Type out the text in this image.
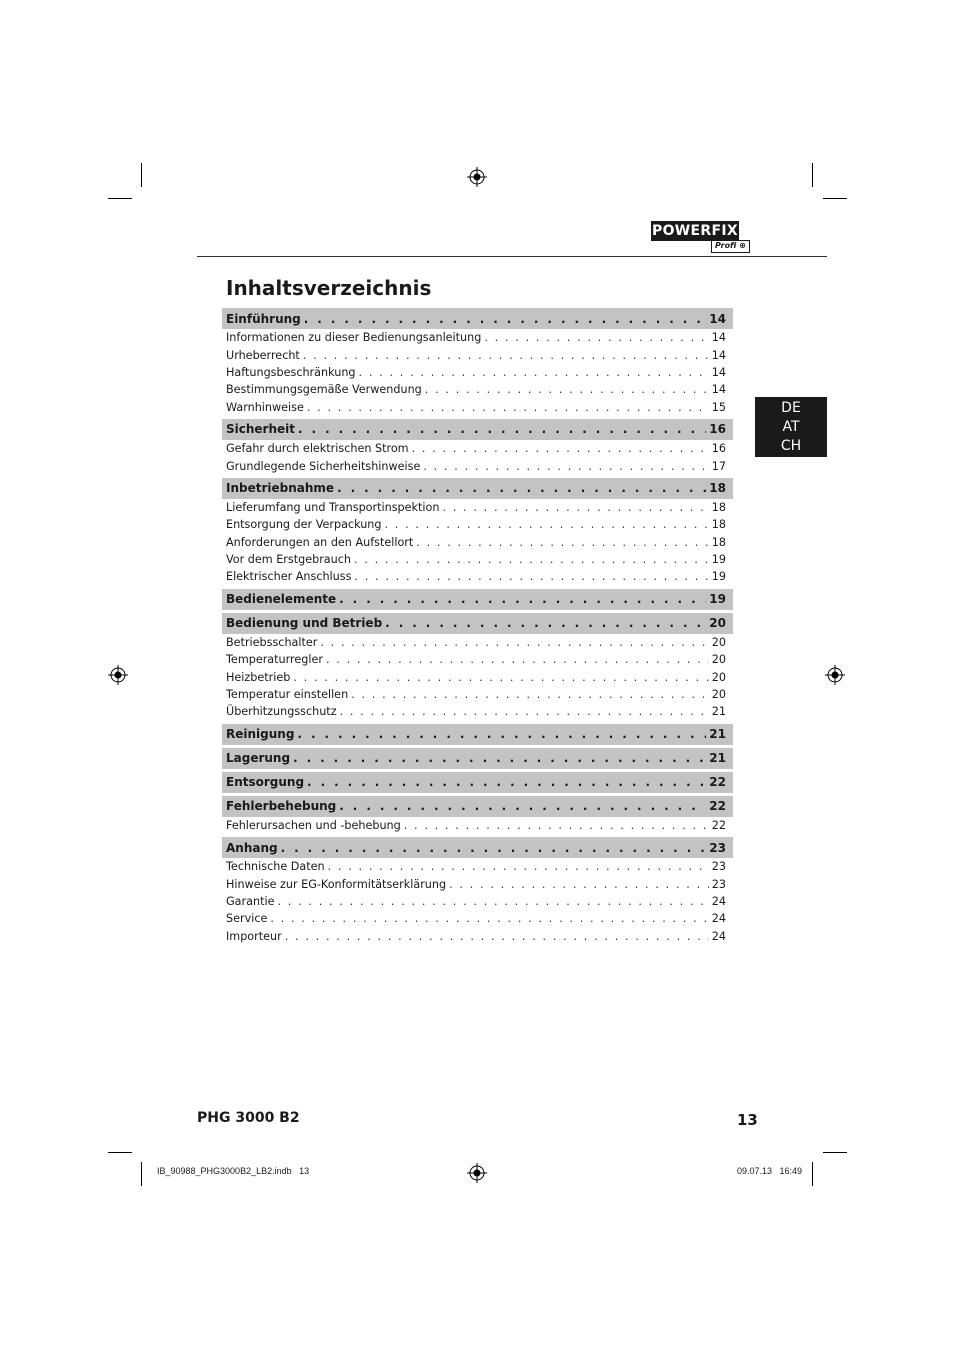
POWERFIX
Profi ⊕
Inhaltsverzeichnis
Einführung . . .	14
Informationen zu dieser Bedienungsanleitung . . .	14
Urheberrecht . . .	14
Haftungsbeschränkung . . .	14
Bestimmungsgemäße Verwendung . . .	14
Warnhinweise . . .	15
Sicherheit . . .	16
Gefahr durch elektrischen Strom . . .	16
Grundlegende Sicherheitshinweise . . .	17
Inbetriebnahme . . .	18
Lieferumfang und Transportinspektion . . .	18
Entsorgung der Verpackung . . .	18
Anforderungen an den Aufstellort . . .	18
Vor dem Erstgebrauch . . .	19
Elektrischer Anschluss . . .	19
Bedienelemente . . .	19
Bedienung und Betrieb . . .	20
Betriebsschalter . . .	20
Temperaturregler . . .	20
Heizbetrieb . . .	20
Temperatur einstellen . . .	20
Überhitzungsschutz . . .	21
Reinigung . . .	21
Lagerung . . .	21
Entsorgung . . .	22
Fehlerbehebung . . .	22
Fehlerursachen und -behebung . . .	22
Anhang . . .	23
Technische Daten . . .	23
Hinweise zur EG-Konformitätserklärung . . .	23
Garantie . . .	24
Service . . .	24
Importeur . . .	24
DE
AT
CH
PHG 3000 B2	13
IB_90988_PHG3000B2_LB2.indb   13	09.07.13   16:49
